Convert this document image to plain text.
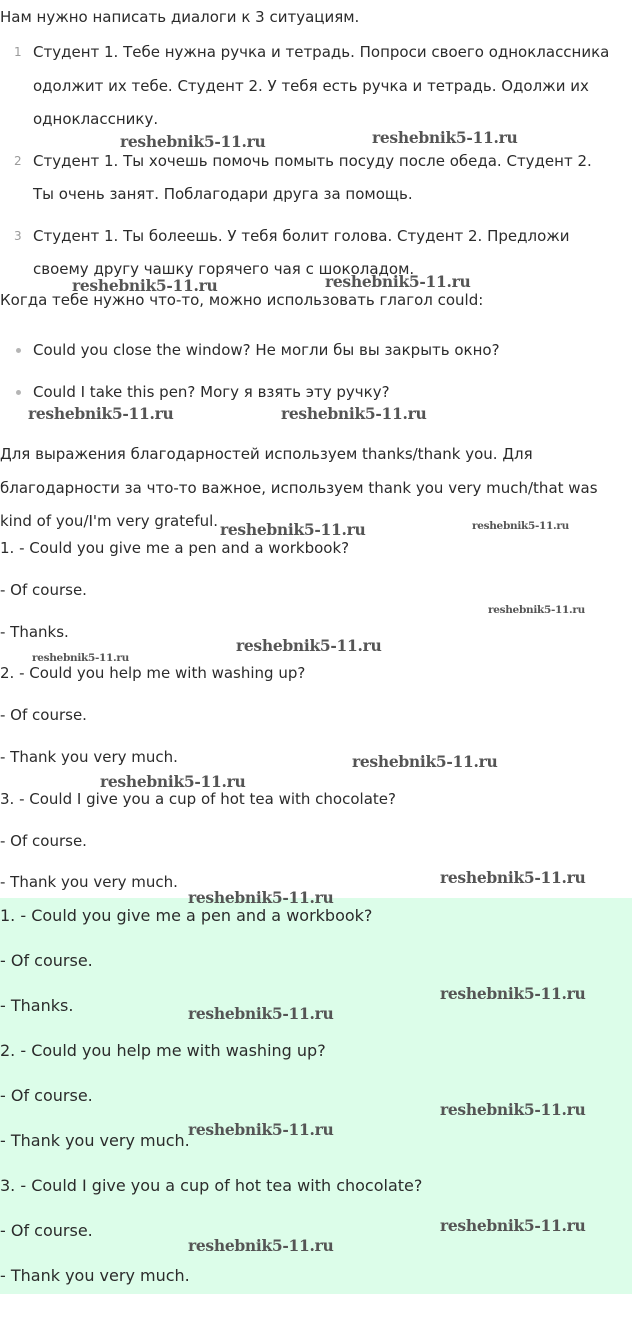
Нам нужно написать диалоги к 3 ситуациям.
1 Студент 1. Тебе нужна ручка и тетрадь. Попроси своего одноклассника одолжит их тебе. Студент 2. У тебя есть ручка и тетрадь. Одолжи их однокласснику.
2 Студент 1. Ты хочешь помочь помыть посуду после обеда. Студент 2. Ты очень занят. Поблагодари друга за помощь.
3 Студент 1. Ты болеешь. У тебя болит голова. Студент 2. Предложи своему другу чашку горячего чая с шоколадом.
Когда тебе нужно что-то, можно использовать глагол could:
Could you close the window? Не могли бы вы закрыть окно?
Could I take this pen? Могу я взять эту ручку?
Для выражения благодарностей используем thanks/thank you. Для благодарности за что-то важное, используем thank you very much/that was kind of you/I'm very grateful.
1. - Could you give me a pen and a workbook?
- Of course.
- Thanks.
2. - Could you help me with washing up?
- Of course.
- Thank you very much.
3. - Could I give you a cup of hot tea with chocolate?
- Of course.
- Thank you very much.
1. - Could you give me a pen and a workbook?
- Of course.
- Thanks.
2. - Could you help me with washing up?
- Of course.
- Thank you very much.
3. - Could I give you a cup of hot tea with chocolate?
- Of course.
- Thank you very much.
reshebnik5-11.ru	reshebnik5-11.ru
reshebnik5-11.ru	reshebnik5-11.ru
reshebnik5-11.ru	reshebnik5-11.ru
reshebnik5-11.ru	reshebnik5-11.ru
reshebnik5-11.ru
reshebnik5-11.ru
reshebnik5-11.ru
reshebnik5-11.ru
reshebnik5-11.ru
reshebnik5-11.ru
reshebnik5-11.ru
reshebnik5-11.ru
reshebnik5-11.ru
reshebnik5-11.ru
reshebnik5-11.ru
reshebnik5-11.ru
reshebnik5-11.ru
